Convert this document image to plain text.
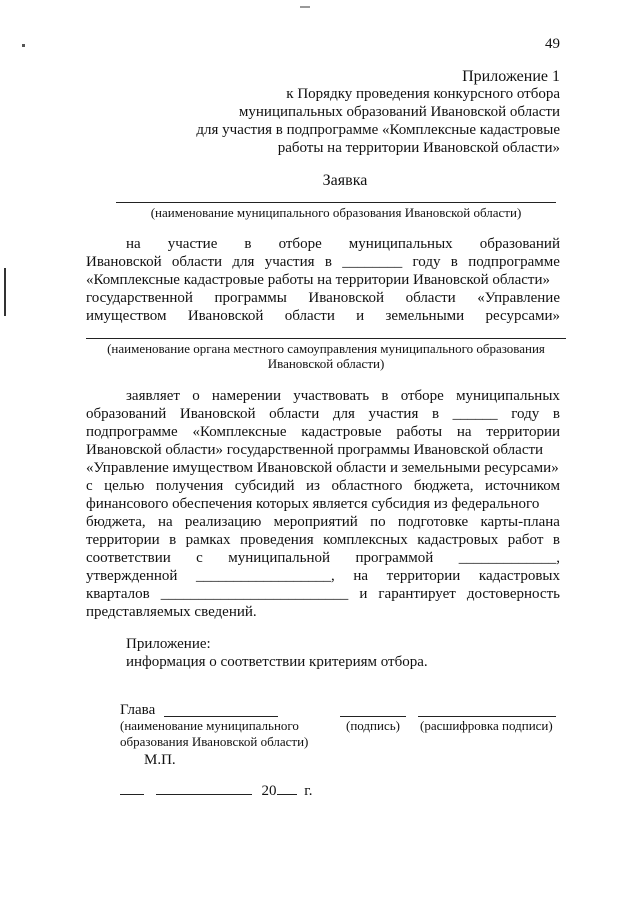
49
Приложение 1
к Порядку проведения конкурсного отбора
муниципальных образований Ивановской области
для участия в подпрограмме «Комплексные кадастровые
работы на территории Ивановской области»
Заявка
(наименование муниципального образования Ивановской области)
на участие в отборе муниципальных образований
Ивановской области для участия в ________ году в подпрограмме
«Комплексные кадастровые работы на территории Ивановской области»
государственной программы Ивановской области «Управление
имуществом Ивановской области и земельными ресурсами»
(наименование органа местного самоуправления муниципального образования
Ивановской области)
заявляет о намерении участвовать в отборе муниципальных
образований Ивановской области для участия в ______ году в
подпрограмме «Комплексные кадастровые работы на территории
Ивановской области» государственной программы Ивановской области
«Управление имуществом Ивановской области и земельными ресурсами»
с целью получения субсидий из областного бюджета, источником
финансового обеспечения которых является субсидия из федерального
бюджета, на реализацию мероприятий по подготовке карты-плана
территории в рамках проведения комплексных кадастровых работ в
соответствии с муниципальной программой _____________,
утвержденной __________________, на территории кадастровых
кварталов _________________________ и гарантирует достоверность
представляемых сведений.
Приложение:
информация о соответствии критериям отбора.
Глава
(наименование муниципального
образования Ивановской области)
(подпись) (расшифровка подписи)
М.П.
20 г.
